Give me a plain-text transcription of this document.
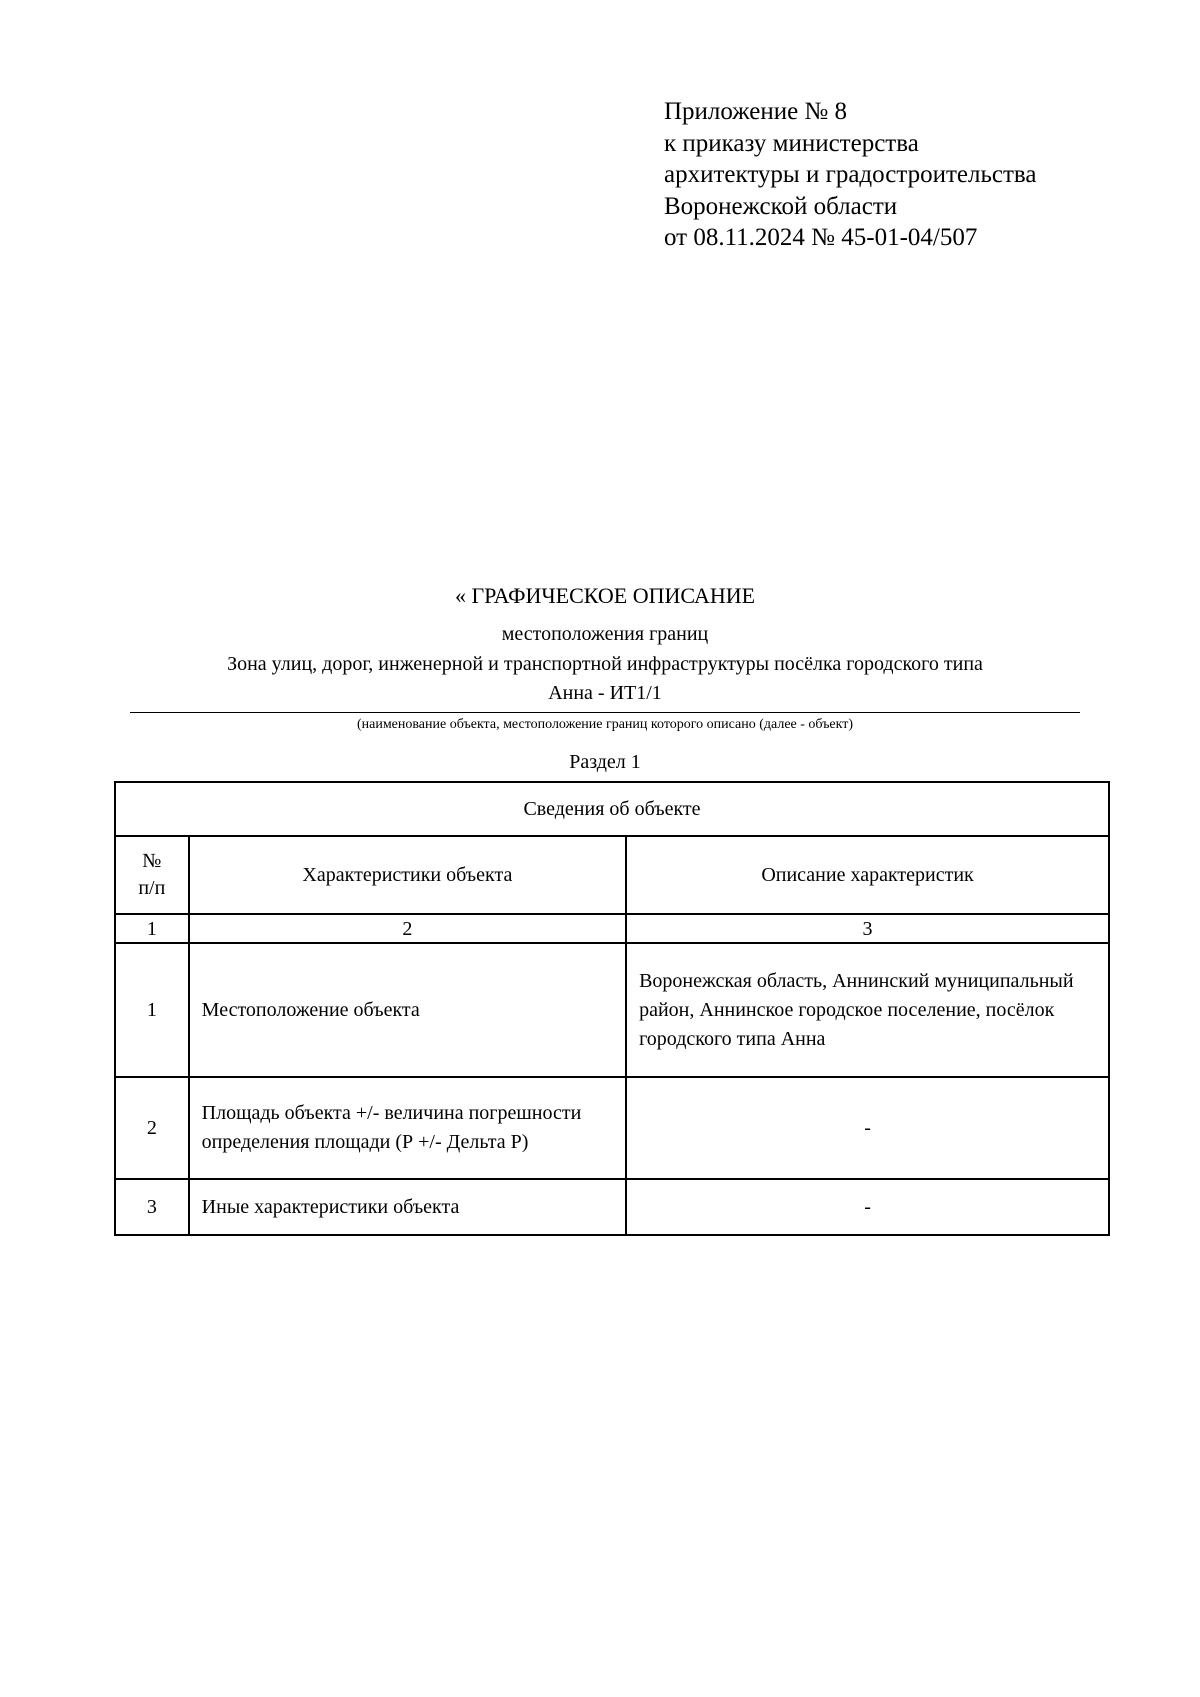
Приложение № 8
к приказу министерства
архитектуры и градостроительства
Воронежской области
от 08.11.2024 № 45-01-04/507
« ГРАФИЧЕСКОЕ ОПИСАНИЕ
местоположения границ
Зона улиц, дорог, инженерной и транспортной инфраструктуры посёлка городского типа
Анна - ИТ1/1
(наименование объекта, местоположение границ которого описано (далее - объект)
Раздел 1
Сведения об объекте		

№
п/п	Характеристики объекта	Описание характеристик
1	2	3
1	Местоположение объекта	Воронежская область, Аннинский муниципальный район, Аннинское городское поселение, посёлок городского типа Анна
2	Площадь объекта +/- величина погрешности определения площади (Р +/- Дельта Р)	-
3	Иные характеристики объекта	-
